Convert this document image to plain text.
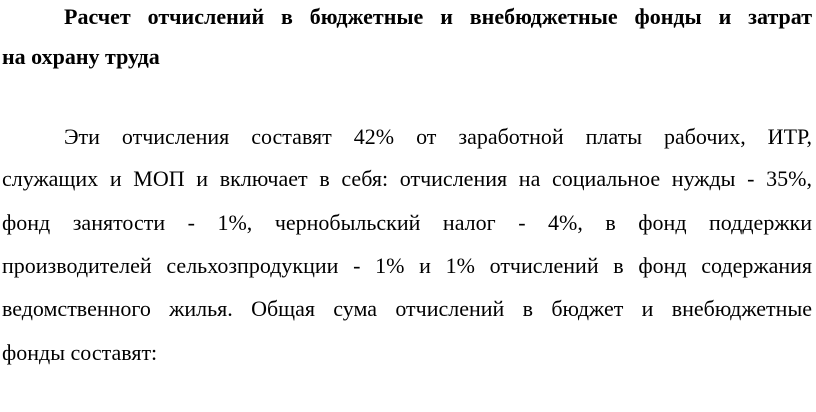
Расчет отчислений в бюджетные и внебюджетные фонды и затрат
на охрану труда
Эти отчисления составят 42% от заработной платы рабочих, ИТР,
служащих и МОП и включает в себя: отчисления на социальное нужды - 35%,
фонд занятости - 1%, чернобыльский налог - 4%, в фонд поддержки
производителей сельхозпродукции - 1% и 1% отчислений в фонд содержания
ведомственного жилья. Общая сума отчислений в бюджет и внебюджетные
фонды составят:
